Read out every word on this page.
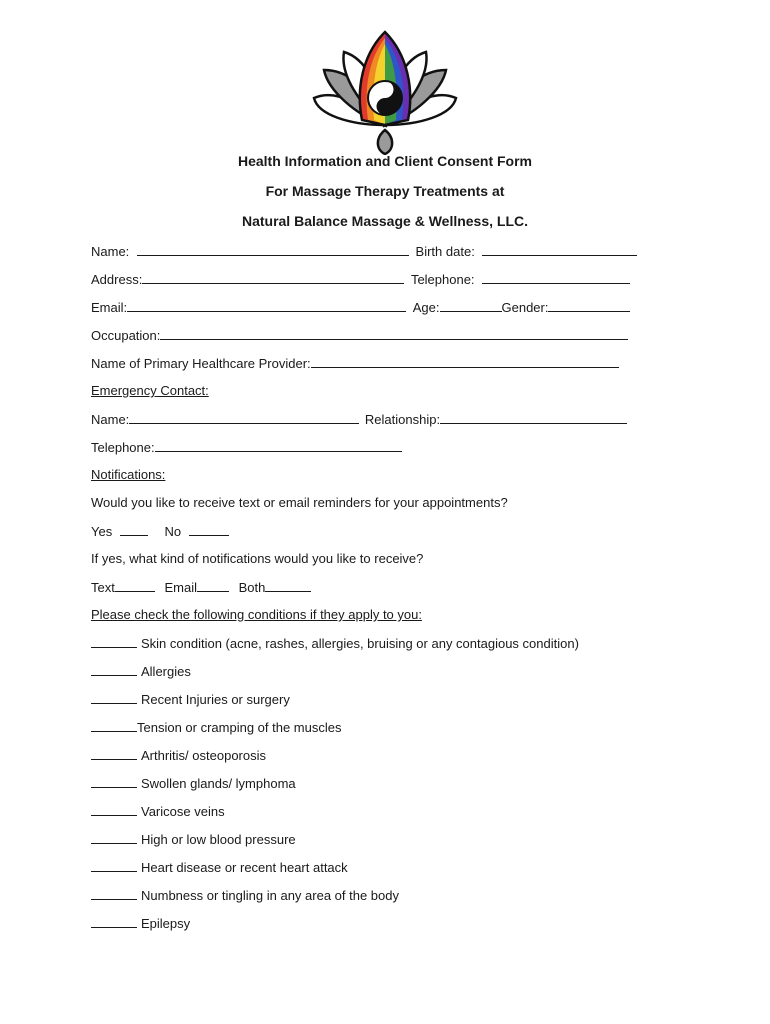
Health Information and Client Consent Form
For Massage Therapy Treatments at
Natural Balance Massage & Wellness, LLC.
Name:	Birth date:
Address:	Telephone:
Email:	Age:	Gender:
Occupation:
Name of Primary Healthcare Provider:
Emergency Contact:
Name:	Relationship:
Telephone:
Notifications:
Would you like to receive text or email reminders for your appointments?
Yes	No
If yes, what kind of notifications would you like to receive?
Text	Email	Both
Please check the following conditions if they apply to you:
Skin condition (acne, rashes, allergies, bruising or any contagious condition)
Allergies
Recent Injuries or surgery
Tension or cramping of the muscles
Arthritis/ osteoporosis
Swollen glands/ lymphoma
Varicose veins
High or low blood pressure
Heart disease or recent heart attack
Numbness or tingling in any area of the body
Epilepsy
